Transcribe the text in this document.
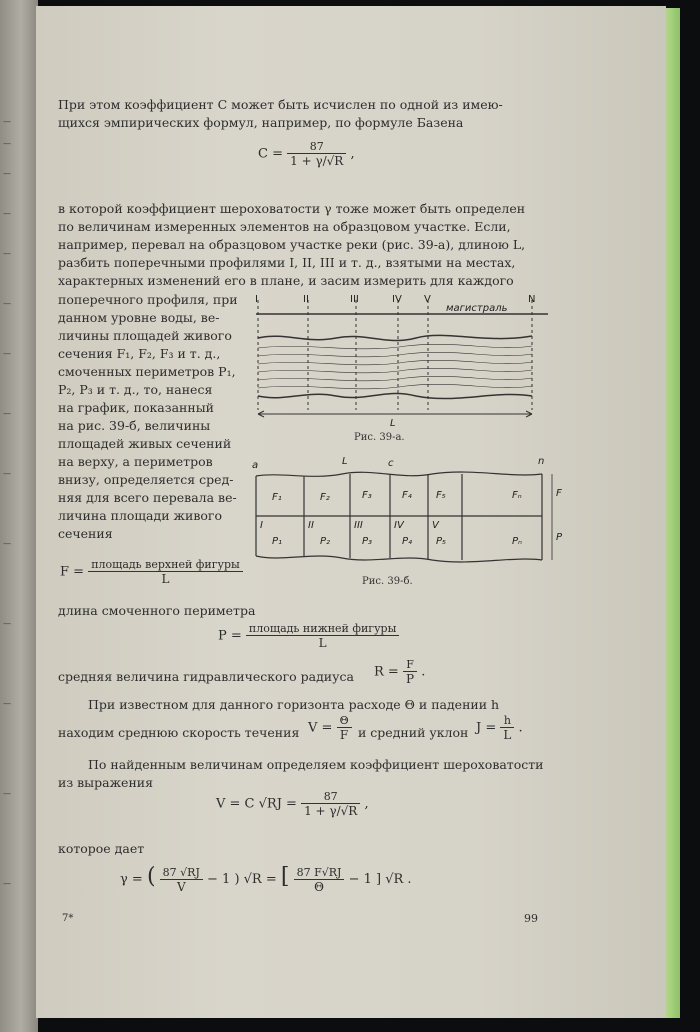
—
—
—
—
—
—
—
—
—
—
—
—
—
—
При этом коэффициент C может быть исчислен по одной из имею-
щихся эмпирических формул, например, по формуле Базена
$C = \frac{87}{1 + \gamma/√R}$ ,
в которой коэффициент шероховатости γ тоже может быть определен
по величинам измеренных элементов на образцовом участке. Если,
например, перевал на образцовом участке реки (рис. 39-а), длиною L,
разбить поперечными профилями I, II, III и т. д., взятыми на местах,
характерных изменений его в плане, и засим измерить для каждого
поперечного профиля, при
данном уровне воды, ве-
личины площадей живого
сечения F₁, F₂, F₃ и т. д.,
смоченных периметров P₁,
P₂, P₃ и т. д., то, нанеся
на график, показанный
на рис. 39-б, величины
площадей живых сечений
на верху, а периметров
внизу, определяется сред-
няя для всего перевала ве-
личина площади живого
сечения
I	II	III	IV V	N
магистраль
L
Рис. 39-а.
a	L	c	n
F
P
F₁	F₂	F₃	F₄ F₅	Fₙ
I	II	III	IV	V
P₁	P₂	P₃	P₄ P₅	Pₙ
Рис. 39-б.
$F = \frac{\text{площадь верхней фигуры}}{L}$
длина смоченного периметра
$P = \frac{\text{площадь нижней фигуры}}{L}$
средняя величина гидравлического радиуса $R = \frac{F}{P}$ .
При известном для данного горизонта расходе Θ и падении h
находим среднюю скорость течения $V = \frac{\Theta}{F}$ и средний уклон $J = \frac{h}{L}$ .
По найденным величинам определяем коэффициент шероховатости
из выражения
V = C $√RJ = \frac{87}{1 + \gamma/√R}$ ,
которое дает
γ = ( $\frac{87 √RJ}{V} - 1$ ) √R = [ $\frac{87 F√RJ}{\Theta} - 1$ ] √R .
7*	99
